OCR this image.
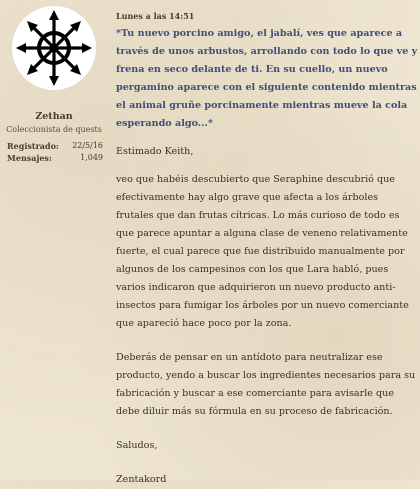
Zethan
Coleccionista de quests
Registrado: 22/5/16
Mensajes:	1,049
Lunes a las 14:51

*Tu nuevo porcino amigo, el jabalí, ves que aparece a través de unos arbustos, arrollando con todo lo que ve y frena en seco delante de ti. En su cuello, un nuevo pergamino aparece con el siguiente contenido mientras el animal gruñe porcinamente mientras mueve la cola esperando algo...*

Estimado Keith,

veo que habéis descubierto que Seraphine descubrió que efectivamente hay algo grave que afecta a los árboles frutales que dan frutas cítricas. Lo más curioso de todo es que parece apuntar a alguna clase de veneno relativamente fuerte, el cual parece que fue distribuido manualmente por algunos de los campesinos con los que Lara habló, pues varios indicaron que adquirieron un nuevo producto anti-insectos para fumigar los árboles por un nuevo comerciante que apareció hace poco por la zona.

Deberás de pensar en un antídoto para neutralizar ese producto, yendo a buscar los ingredientes necesarios para su fabricación y buscar a ese comerciante para avisarle que debe diluir más su fórmula en su proceso de fabricación.

Saludos,

Zentakord
